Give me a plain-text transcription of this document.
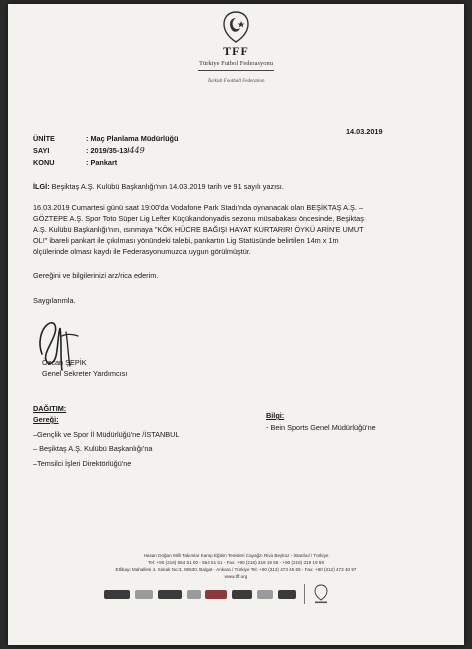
TFF
Türkiye Futbol Federasyonu
Turkish Football Federation
14.03.2019
ÜNİTE	: Maç Planlama Müdürlüğü
SAYI	: 2019/35-13/449
KONU	: Pankart
İLGİ: Beşiktaş A.Ş. Kulübü Başkanlığı'nın 14.03.2019 tarih ve 91 sayılı yazısı.
16.03.2019 Cumartesi günü saat 19:00'da Vodafone Park Stadı'nda oynanacak olan BEŞİKTAŞ A.Ş. –
GÖZTEPE A.Ş. Spor Toto Süper Lig Lefter Küçükandonyadis sezonu müsabakası öncesinde, Beşiktaş
A.Ş. Kulübü Başkanlığı'nın, ısınmaya "KÖK HÜCRE BAĞIŞI HAYAT KURTARIR! ÖYKÜ ARİN'E UMUT
OL!" ibareli pankart ile çıkılması yönündeki talebi, pankartın Lig Statüsünde belirtilen 14m x 1m
ölçülerinde olması kaydı ile Federasyonumuzca uygun görülmüştür.
Gereğini ve bilgilerinizi arz/rica ederim.
Saygılarımla.
Özcan ŞEPİK
Genel Sekreter Yardımcısı
DAĞITIM:
Gereği:
–Gençlik ve Spor İl Müdürlüğü'ne /İSTANBUL
– Beşiktaş A.Ş. Kulübü Başkanlığı'na
–Temsilci İşleri Direktörlüğü'ne
Bilgi:
- Bein Sports Genel Müdürlüğü'ne
Hasan Doğan Milli Takımlar Kamp Eğitim Tesisleri Cayağzı Riva Beykoz - İstanbul / Türkiye
Tel: +90 (216) 554 51 00 - 554 51 51 - Fax: +90 (216) 319 19 58 - +90 (216) 319 19 59
Etlibayı Mahallesi 4. Sokak No:3, 06530, Balgat - Ankara / Türkiye Tel: +90 (312) 473 45 65 - Fax: +90 (312) 473 40 97
www.tff.org
